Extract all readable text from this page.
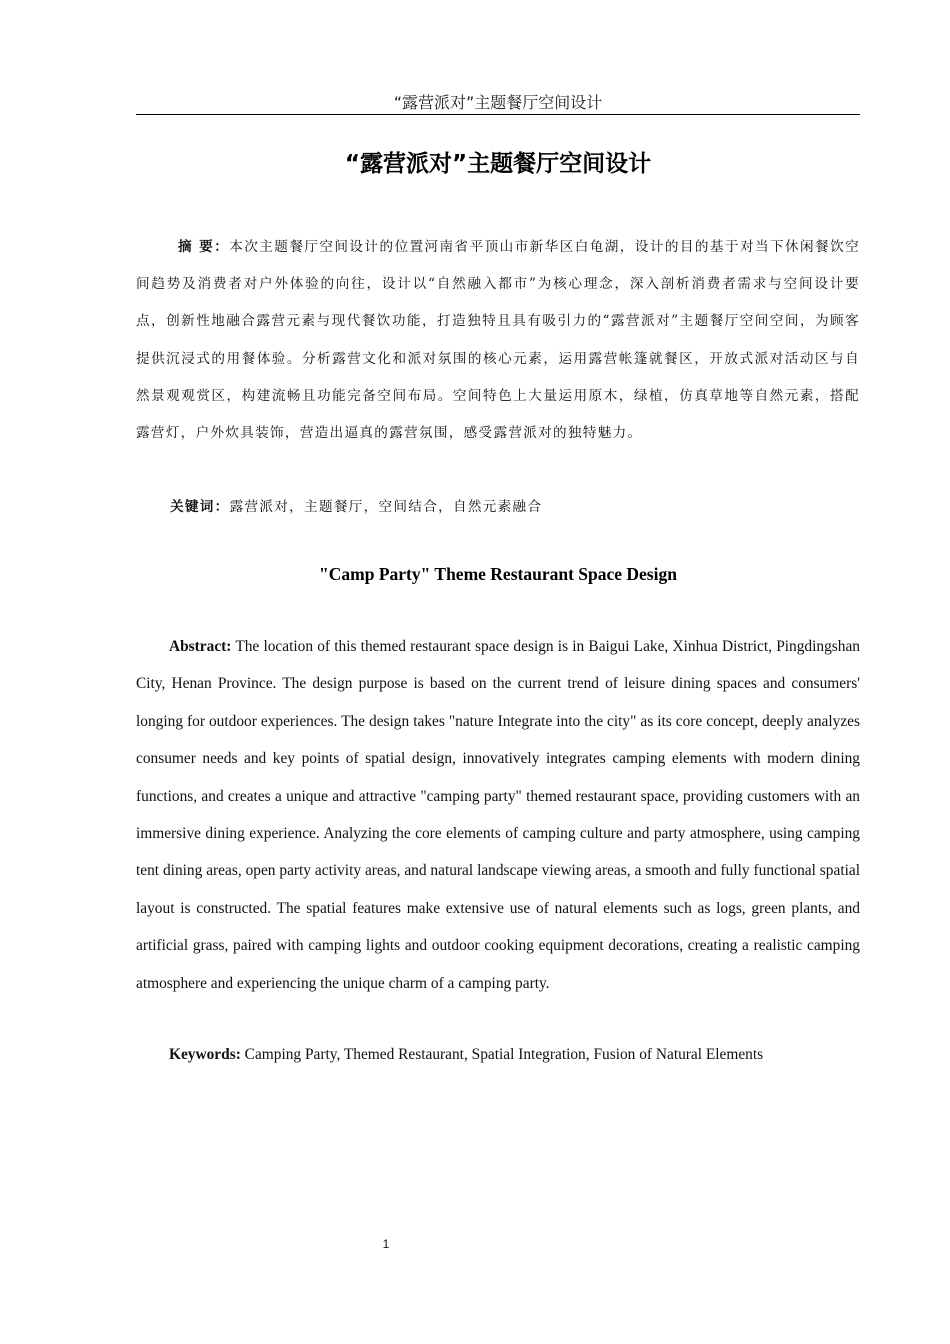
“露营派对”主题餐厅空间设计
“露营派对”主题餐厅空间设计

摘 要：本次主题餐厅空间设计的位置河南省平顶山市新华区白龟湖，设计的目的基于对当下休闲餐饮空间趋势及消费者对户外体验的向往，设计以“自然融入都市”为核心理念，深入剖析消费者需求与空间设计要点，创新性地融合露营元素与现代餐饮功能，打造独特且具有吸引力的“露营派对”主题餐厅空间空间，为顾客提供沉浸式的用餐体验。分析露营文化和派对氛围的核心元素，运用露营帐篷就餐区，开放式派对活动区与自然景观观赏区，构建流畅且功能完备空间布局。空间特色上大量运用原木，绿植，仿真草地等自然元素，搭配露营灯，户外炊具装饰，营造出逼真的露营氛围，感受露营派对的独特魅力。

关键词：露营派对，主题餐厅，空间结合，自然元素融合

"Camp Party" Theme Restaurant Space Design

Abstract: The location of this themed restaurant space design is in Baigui Lake, Xinhua District, Pingdingshan City, Henan Province. The design purpose is based on the current trend of leisure dining spaces and consumers' longing for outdoor experiences. The design takes "nature Integrate into the city" as its core concept, deeply analyzes consumer needs and key points of spatial design, innovatively integrates camping elements with modern dining functions, and creates a unique and attractive "camping party" themed restaurant space, providing customers with an immersive dining experience. Analyzing the core elements of camping culture and party atmosphere, using camping tent dining areas, open party activity areas, and natural landscape viewing areas, a smooth and fully functional spatial layout is constructed. The spatial features make extensive use of natural elements such as logs, green plants, and artificial grass, paired with camping lights and outdoor cooking equipment decorations, creating a realistic camping atmosphere and experiencing the unique charm of a camping party.

Keywords: Camping Party, Themed Restaurant, Spatial Integration, Fusion of Natural Elements

1
